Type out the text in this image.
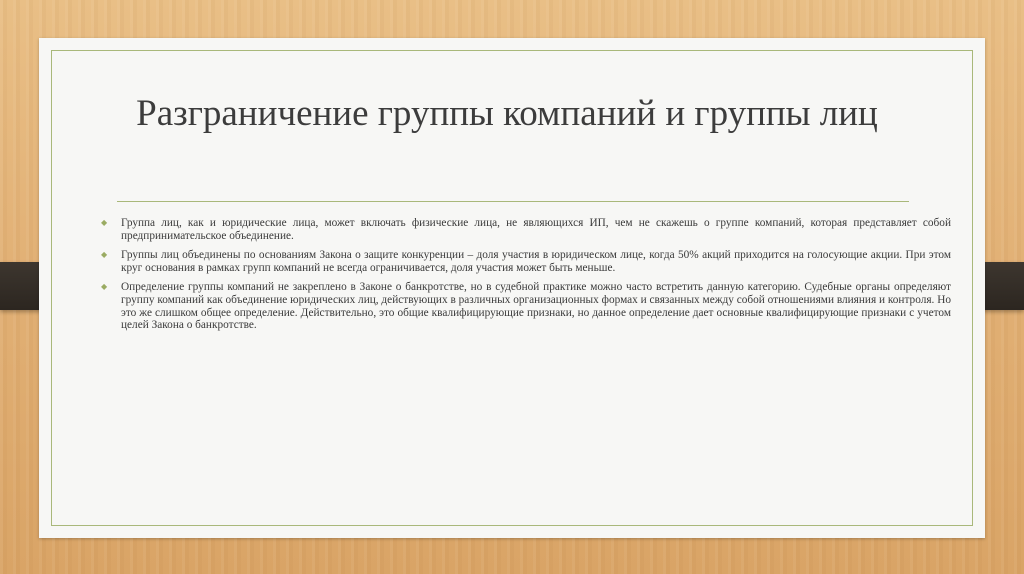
Разграничение группы компаний и группы лиц
◆ Группа лиц, как и юридические лица, может включать физические лица, не являющихся ИП, чем не скажешь о группе компаний, которая представляет собой предпринимательское объединение.
◆ Группы лиц объединены по основаниям Закона о защите конкуренции – доля участия в юридическом лице, когда 50% акций приходится на голосующие акции. При этом круг основания в рамках групп компаний не всегда ограничивается, доля участия может быть меньше.
◆ Определение группы компаний не закреплено в Законе о банкротстве, но в судебной практике можно часто встретить данную категорию. Судебные органы определяют группу компаний как объединение юридических лиц, действующих в различных организационных формах и связанных между собой отношениями влияния и контроля. Но это же слишком общее определение. Действительно, это общие квалифицирующие признаки, но данное определение дает основные квалифицирующие признаки с учетом целей Закона о банкротстве.
